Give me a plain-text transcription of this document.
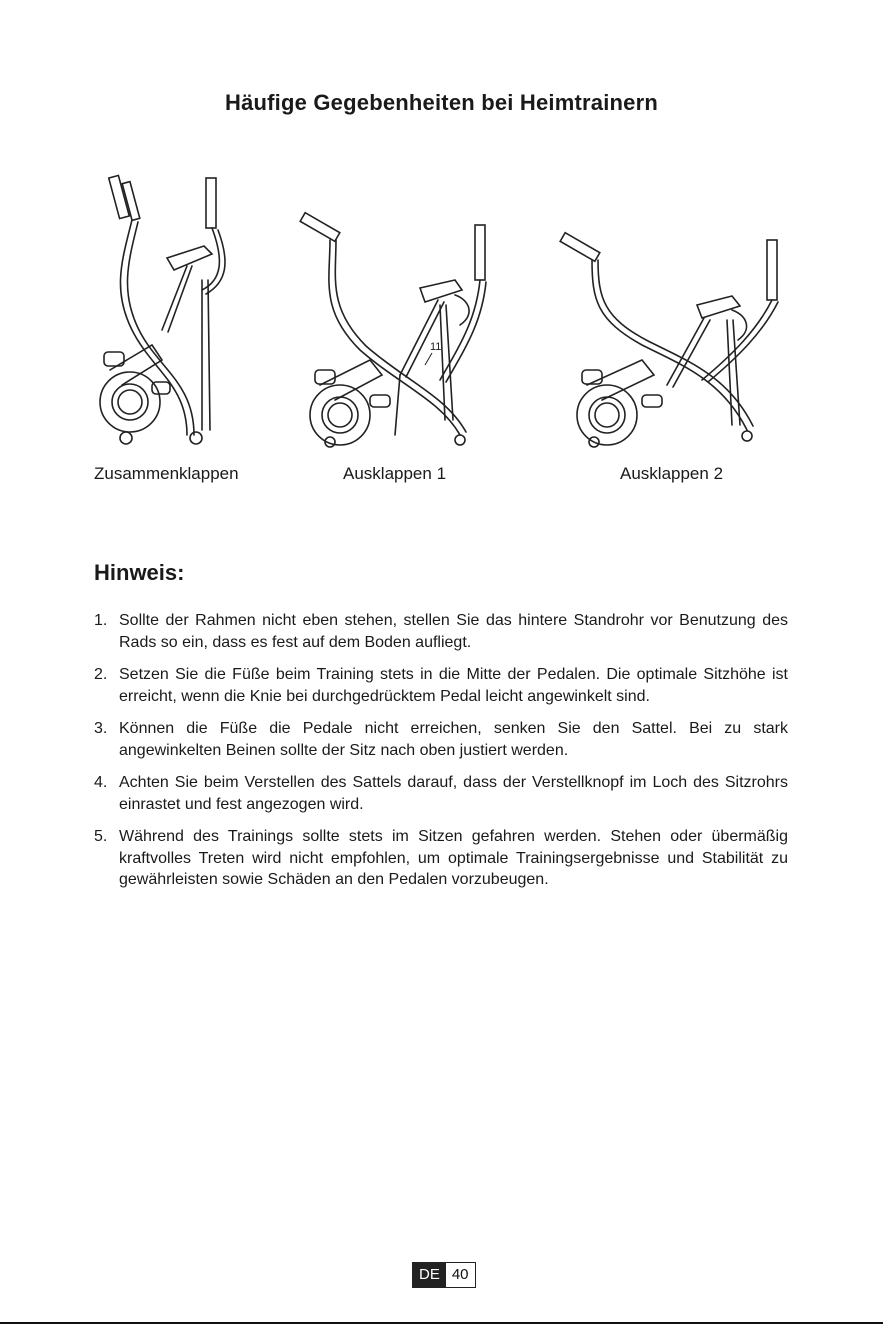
Häufige Gegebenheiten bei Heimtrainern
11
Zusammenklappen	Ausklappen 1	Ausklappen 2
Hinweis:
1. Sollte der Rahmen nicht eben stehen, stellen Sie das hintere Standrohr vor Benutzung des Rads so ein, dass es fest auf dem Boden aufliegt.
2. Setzen Sie die Füße beim Training stets in die Mitte der Pedalen. Die optimale Sitzhöhe ist erreicht, wenn die Knie bei durchgedrücktem Pedal leicht angewinkelt sind.
3. Können die Füße die Pedale nicht erreichen, senken Sie den Sattel. Bei zu stark angewinkelten Beinen sollte der Sitz nach oben justiert werden.
4. Achten Sie beim Verstellen des Sattels darauf, dass der Verstellknopf im Loch des Sitzrohrs einrastet und fest angezogen wird.
5. Während des Trainings sollte stets im Sitzen gefahren werden. Stehen oder übermäßig kraftvolles Treten wird nicht empfohlen, um optimale Trainingsergebnisse und Stabilität zu gewährleisten sowie Schäden an den Pedalen vorzubeugen.
DE 40
